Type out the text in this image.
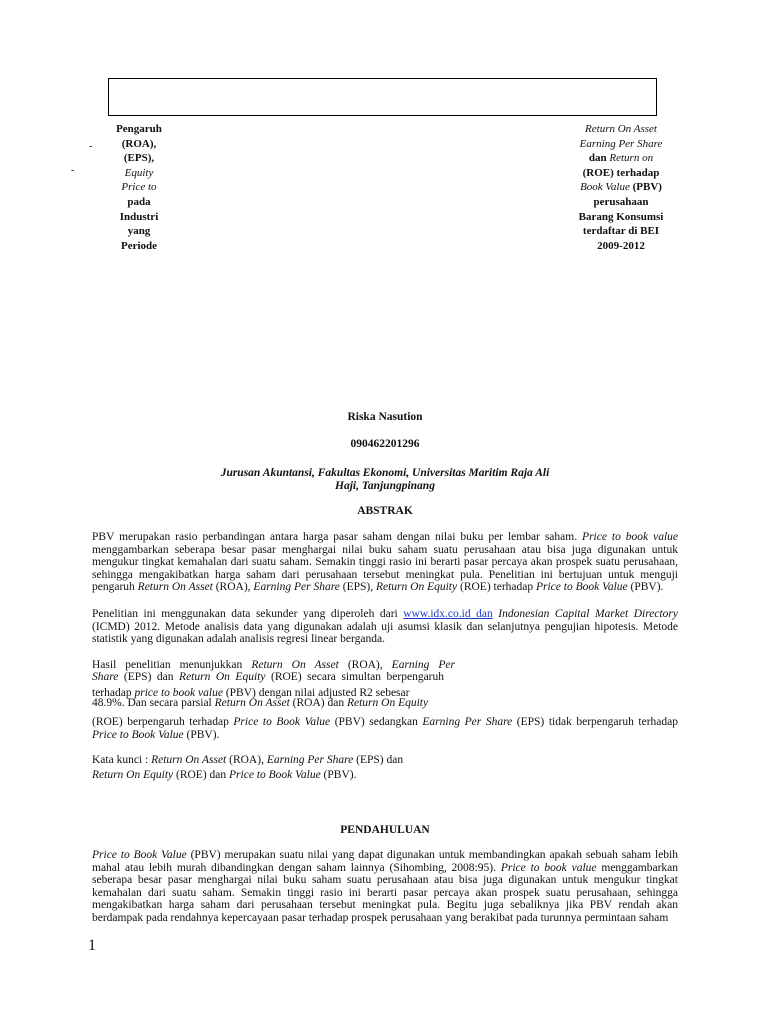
Pengaruh
(ROA),
(EPS),
Equity
Price to
pada
Industri
yang
Periode
-
-
Return On Asset
Earning Per Share
dan Return on
(ROE) terhadap
Book Value (PBV)
perusahaan
Barang Konsumsi
terdaftar di BEI
2009-2012
Riska Nasution
090462201296
Jurusan Akuntansi, Fakultas Ekonomi, Universitas Maritim Raja Ali
Haji, Tanjungpinang
ABSTRAK
PBV merupakan rasio perbandingan antara harga pasar saham dengan nilai buku per lembar saham. Price to book value menggambarkan seberapa besar pasar menghargai nilai buku saham suatu perusahaan atau bisa juga digunakan untuk mengukur tingkat kemahalan dari suatu saham. Semakin tinggi rasio ini berarti pasar percaya akan prospek suatu perusahaan, sehingga mengakibatkan harga saham dari perusahaan tersebut meningkat pula. Penelitian ini bertujuan untuk menguji pengaruh Return On Asset (ROA), Earning Per Share (EPS), Return On Equity (ROE) terhadap Price to Book Value (PBV).
Penelitian ini menggunakan data sekunder yang diperoleh dari www.idx.co.id dan Indonesian Capital Market Directory (ICMD) 2012. Metode analisis data yang digunakan adalah uji asumsi klasik dan selanjutnya pengujian hipotesis. Metode statistik yang digunakan adalah analisis regresi linear berganda.
Hasil penelitian menunjukkan Return On Asset (ROA), Earning Per
Share (EPS) dan Return On Equity (ROE) secara simultan berpengaruh
terhadap price to book value (PBV) dengan nilai adjusted R2 sebesar
48.9%. Dan secara parsial Return On Asset (ROA) dan Return On Equity
(ROE) berpengaruh terhadap Price to Book Value (PBV) sedangkan Earning Per Share (EPS) tidak berpengaruh terhadap Price to Book Value (PBV).
Kata kunci : Return On Asset (ROA), Earning Per Share (EPS) dan
Return On Equity (ROE) dan Price to Book Value (PBV).
PENDAHULUAN
Price to Book Value (PBV) merupakan suatu nilai yang dapat digunakan untuk membandingkan apakah sebuah saham lebih mahal atau lebih murah dibandingkan dengan saham lainnya (Sihombing, 2008:95). Price to book value menggambarkan seberapa besar pasar menghargai nilai buku saham suatu perusahaan atau bisa juga digunakan untuk mengukur tingkat kemahalan dari suatu saham. Semakin tinggi rasio ini berarti pasar percaya akan prospek suatu perusahaan, sehingga mengakibatkan harga saham dari perusahaan tersebut meningkat pula. Begitu juga sebaliknya jika PBV rendah akan berdampak pada rendahnya kepercayaan pasar terhadap prospek perusahaan yang berakibat pada turunnya permintaan saham
1
